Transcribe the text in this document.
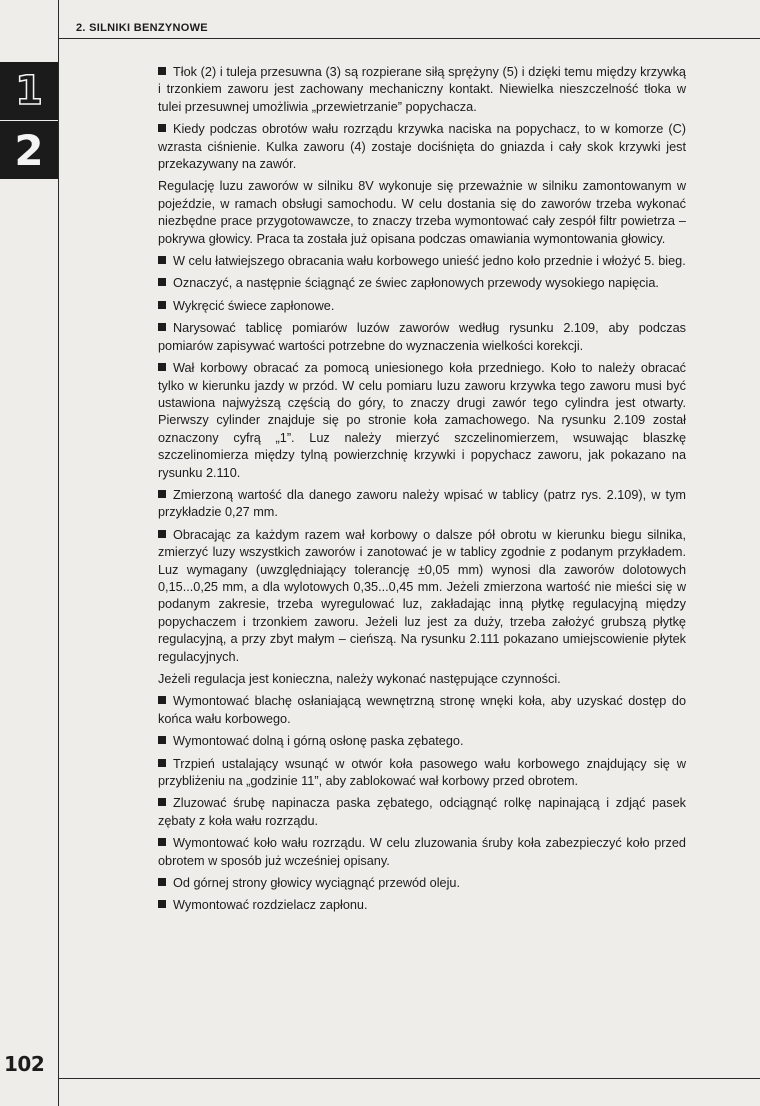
2. SILNIKI BENZYNOWE
1
2
102

Tłok (2) i tuleja przesuwna (3) są rozpierane siłą sprężyny (5) i dzięki temu między krzywką i trzonkiem zaworu jest zachowany mechaniczny kontakt. Niewielka nieszczelność tłoka w tulei przesuwnej umożliwia „przewietrzanie” popychacza.

Kiedy podczas obrotów wału rozrządu krzywka naciska na popychacz, to w komorze (C) wzrasta ciśnienie. Kulka zaworu (4) zostaje dociśnięta do gniazda i cały skok krzywki jest przekazywany na zawór.

Regulację luzu zaworów w silniku 8V wykonuje się przeważnie w silniku zamontowanym w pojeździe, w ramach obsługi samochodu. W celu dostania się do zaworów trzeba wykonać niezbędne prace przygotowawcze, to znaczy trzeba wymontować cały zespół filtr powietrza – pokrywa głowicy. Praca ta została już opisana podczas omawiania wymontowania głowicy.

W celu łatwiejszego obracania wału korbowego unieść jedno koło przednie i włożyć 5. bieg.

Oznaczyć, a następnie ściągnąć ze świec zapłonowych przewody wysokiego napięcia.

Wykręcić świece zapłonowe.

Narysować tablicę pomiarów luzów zaworów według rysunku 2.109, aby podczas pomiarów zapisywać wartości potrzebne do wyznaczenia wielkości korekcji.

Wał korbowy obracać za pomocą uniesionego koła przedniego. Koło to należy obracać tylko w kierunku jazdy w przód. W celu pomiaru luzu zaworu krzywka tego zaworu musi być ustawiona najwyższą częścią do góry, to znaczy drugi zawór tego cylindra jest otwarty. Pierwszy cylinder znajduje się po stronie koła zamachowego. Na rysunku 2.109 został oznaczony cyfrą „1”. Luz należy mierzyć szczelinomierzem, wsuwając blaszkę szczelinomierza między tylną powierzchnię krzywki i popychacz zaworu, jak pokazano na rysunku 2.110.

Zmierzoną wartość dla danego zaworu należy wpisać w tablicy (patrz rys. 2.109), w tym przykładzie 0,27 mm.

Obracając za każdym razem wał korbowy o dalsze pół obrotu w kierunku biegu silnika, zmierzyć luzy wszystkich zaworów i zanotować je w tablicy zgodnie z podanym przykładem. Luz wymagany (uwzględniający tolerancję ±0,05 mm) wynosi dla zaworów dolotowych 0,15...0,25 mm, a dla wylotowych 0,35...0,45 mm. Jeżeli zmierzona wartość nie mieści się w podanym zakresie, trzeba wyregulować luz, zakładając inną płytkę regulacyjną między popychaczem i trzonkiem zaworu. Jeżeli luz jest za duży, trzeba założyć grubszą płytkę regulacyjną, a przy zbyt małym – cieńszą. Na rysunku 2.111 pokazano umiejscowienie płytek regulacyjnych.

Jeżeli regulacja jest konieczna, należy wykonać następujące czynności.

Wymontować blachę osłaniającą wewnętrzną stronę wnęki koła, aby uzyskać dostęp do końca wału korbowego.

Wymontować dolną i górną osłonę paska zębatego.

Trzpień ustalający wsunąć w otwór koła pasowego wału korbowego znajdujący się w przybliżeniu na „godzinie 11”, aby zablokować wał korbowy przed obrotem.

Zluzować śrubę napinacza paska zębatego, odciągnąć rolkę napinającą i zdjąć pasek zębaty z koła wału rozrządu.

Wymontować koło wału rozrządu. W celu zluzowania śruby koła zabezpieczyć koło przed obrotem w sposób już wcześniej opisany.

Od górnej strony głowicy wyciągnąć przewód oleju.

Wymontować rozdzielacz zapłonu.
